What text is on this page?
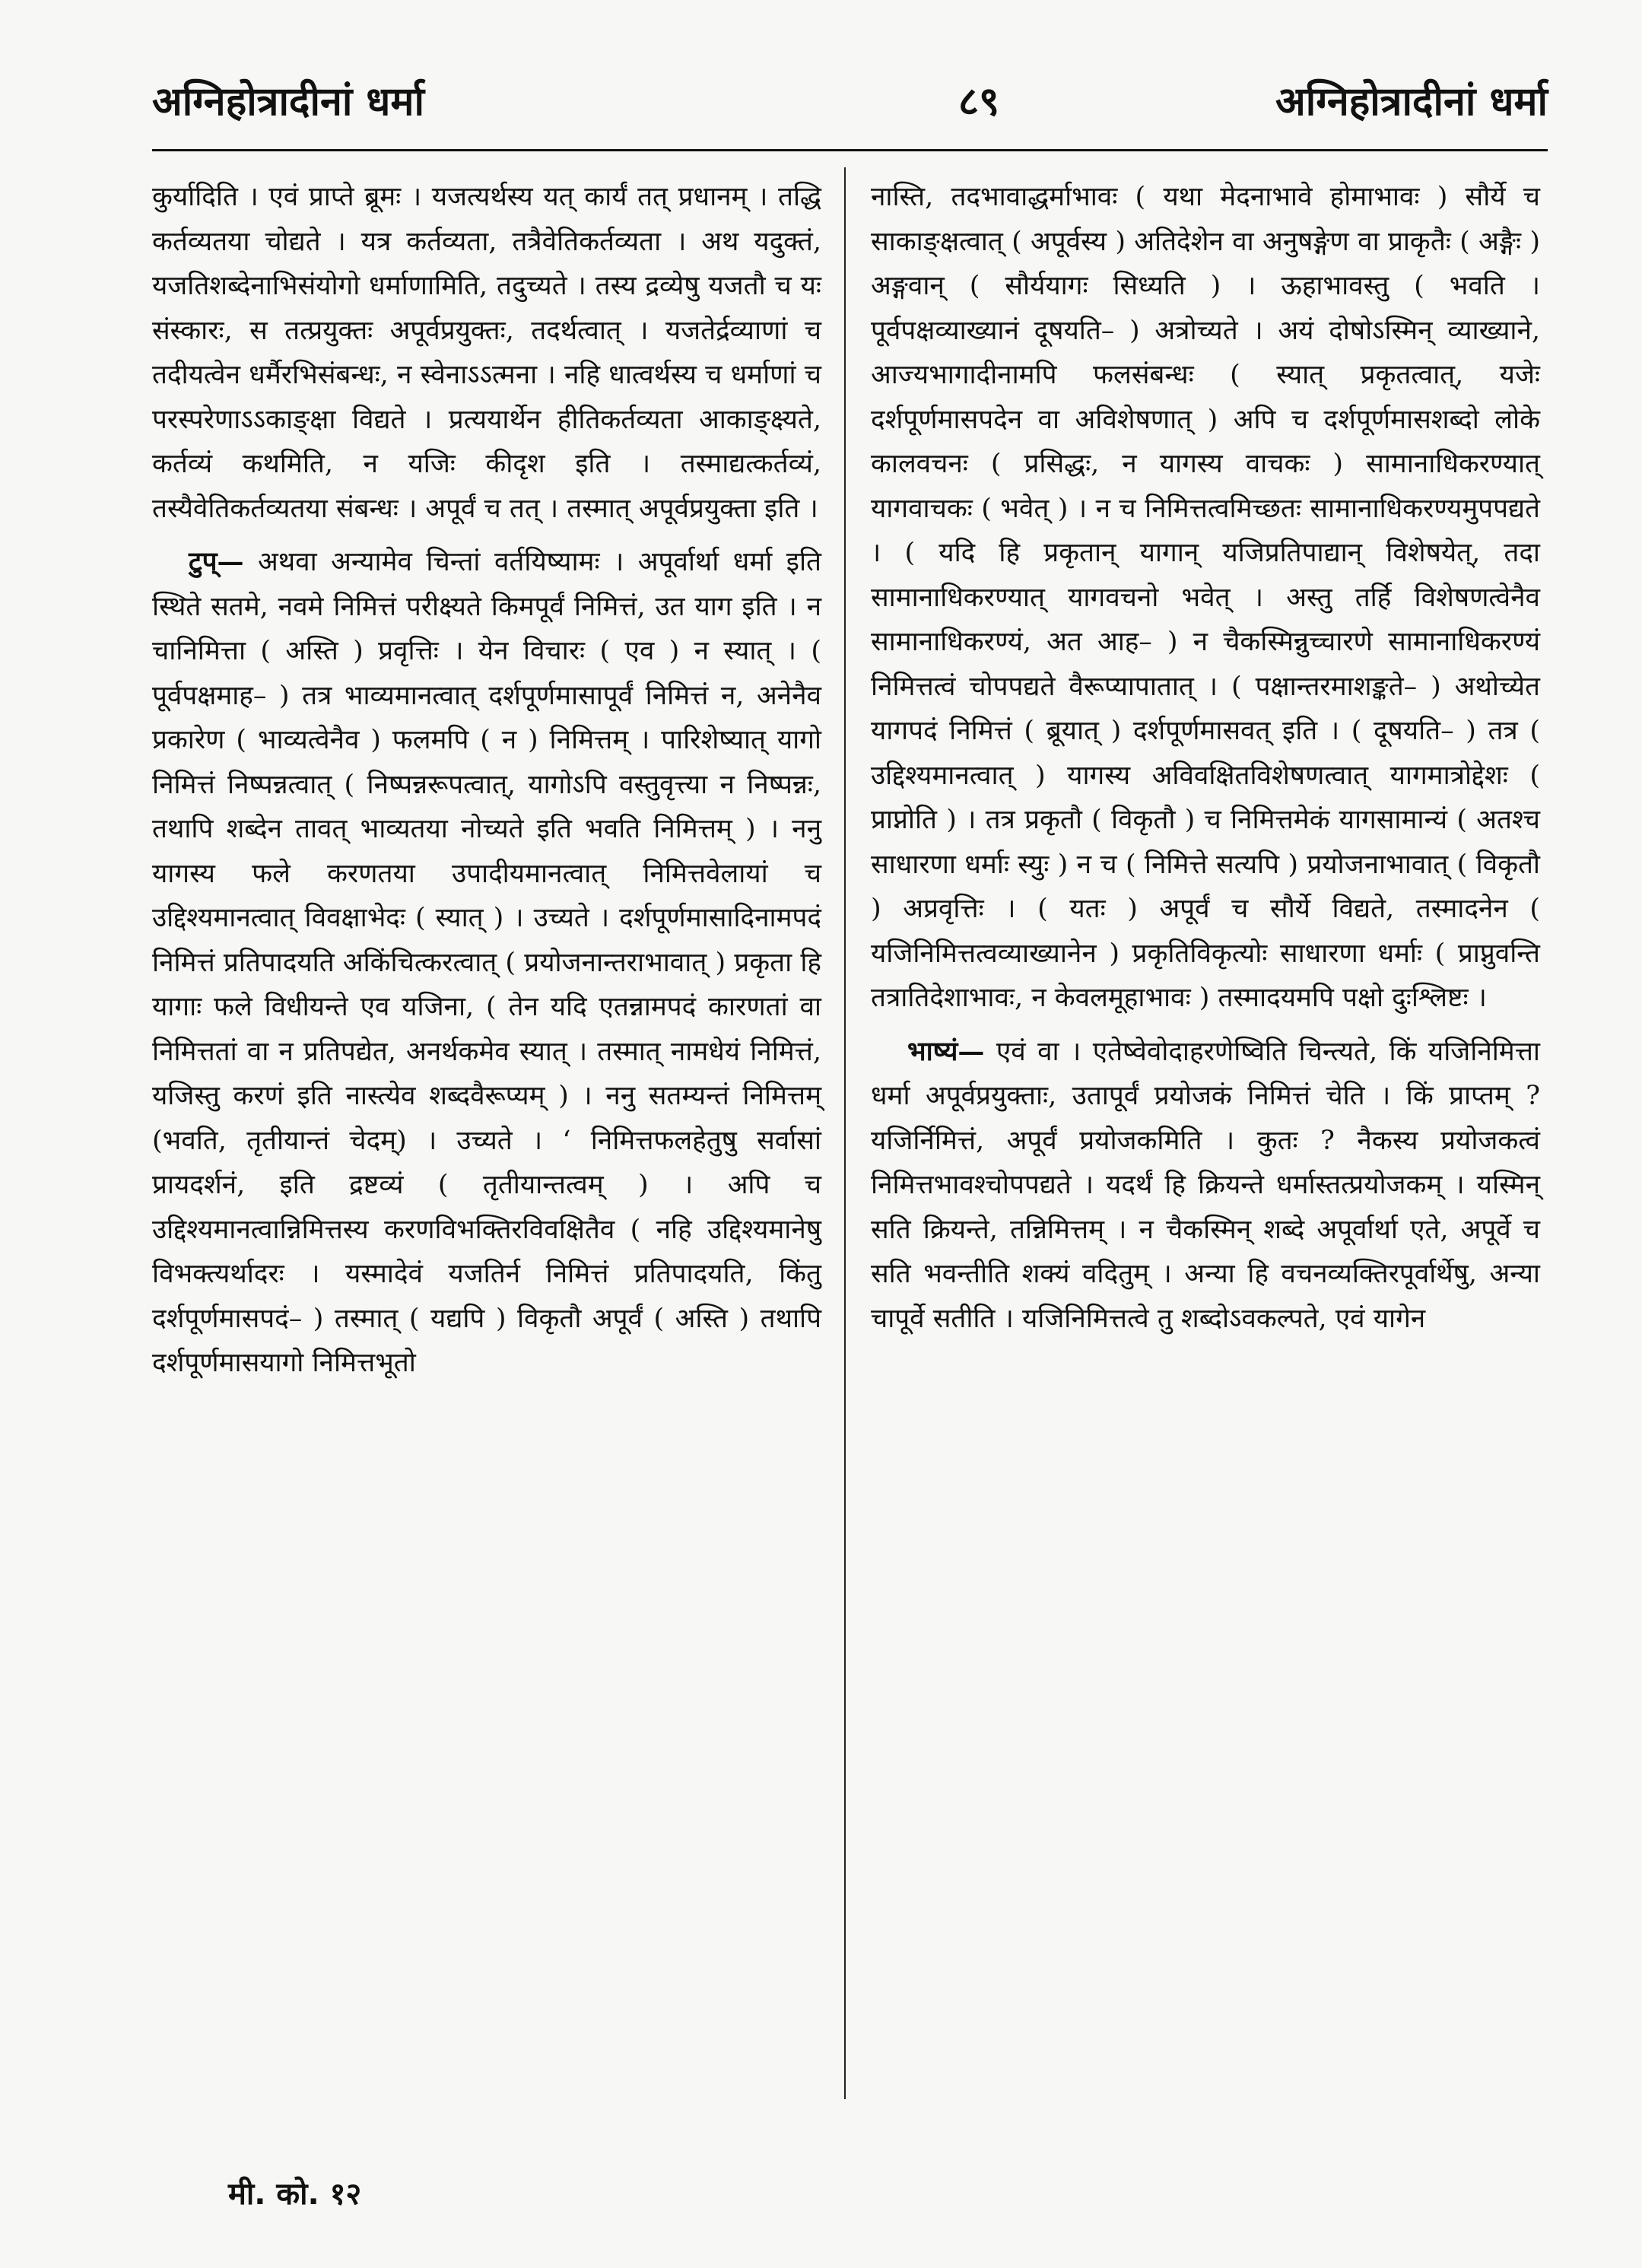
अग्निहोत्रादीनां धर्मा	८९	अग्निहोत्रादीनां धर्मा

कुर्यादिति । एवं प्राप्ते ब्रूमः । यजत्यर्थस्य यत् कार्यं तत् प्रधानम् । तद्धि कर्तव्यतया चोद्यते । यत्र कर्तव्यता, तत्रैवेतिकर्तव्यता । अथ यदुक्तं, यजतिशब्देनाभिसंयोगो धर्माणामिति, तदुच्यते । तस्य द्रव्येषु यजतौ च यः संस्कारः, स तत्प्रयुक्तः अपूर्वप्रयुक्तः, तदर्थत्वात् । यजतेर्द्रव्याणां च तदीयत्वेन धर्मैरभिसंबन्धः, न स्वेनाऽऽत्मना । नहि धात्वर्थस्य च धर्माणां च परस्परेणाऽऽकाङ्क्षा विद्यते । प्रत्ययार्थेन हीतिकर्तव्यता आकाङ्क्ष्यते, कर्तव्यं कथमिति, न यजिः कीदृश इति । तस्माद्यत्कर्तव्यं, तस्यैवेतिकर्तव्यतया संबन्धः । अपूर्वं च तत् । तस्मात् अपूर्वप्रयुक्ता इति ।

टुप्— अथवा अन्यामेव चिन्तां वर्तयिष्यामः । अपूर्वार्था धर्मा इति स्थिते सतमे, नवमे निमित्तं परीक्ष्यते किमपूर्वं निमित्तं, उत याग इति । न चानिमित्ता ( अस्ति ) प्रवृत्तिः । येन विचारः ( एव ) न स्यात् । ( पूर्वपक्षमाह– ) तत्र भाव्यमानत्वात् दर्शपूर्णमासापूर्वं निमित्तं न, अनेनैव प्रकारेण ( भाव्यत्वेनैव ) फलमपि ( न ) निमित्तम् । पारिशेष्यात् यागो निमित्तं निष्पन्नत्वात् ( निष्पन्नरूपत्वात्, यागोऽपि वस्तुवृत्त्या न निष्पन्नः, तथापि शब्देन तावत् भाव्यतया नोच्यते इति भवति निमित्तम् ) । ननु यागस्य फले करणतया उपादीयमानत्वात् निमित्तवेलायां च उद्दिश्यमानत्वात् विवक्षाभेदः ( स्यात् ) । उच्यते । दर्शपूर्णमासादिनामपदं निमित्तं प्रतिपादयति अकिंचित्करत्वात् ( प्रयोजनान्तराभावात् ) प्रकृता हि यागाः फले विधीयन्ते एव यजिना, ( तेन यदि एतन्नामपदं कारणतां वा निमित्ततां वा न प्रतिपद्येत, अनर्थकमेव स्यात् । तस्मात् नामधेयं निमित्तं, यजिस्तु करणं इति नास्त्येव शब्दवैरूप्यम् ) । ननु सतम्यन्तं निमित्तम् (भवति, तृतीयान्तं चेदम्) । उच्यते । ‘ निमित्तफलहेतुषु सर्वासां प्रायदर्शनं, इति द्रष्टव्यं ( तृतीयान्तत्वम् ) । अपि च उद्दिश्यमानत्वान्निमित्तस्य करणविभक्तिरविवक्षितैव ( नहि उद्दिश्यमानेषु विभक्त्यर्थादरः । यस्मादेवं यजतिर्न निमित्तं प्रतिपादयति, किंतु दर्शपूर्णमासपदं– ) तस्मात् ( यद्यपि ) विकृतौ अपूर्वं ( अस्ति ) तथापि दर्शपूर्णमासयागो निमित्तभूतो

नास्ति, तदभावाद्धर्माभावः ( यथा मेदनाभावे होमाभावः ) सौर्ये च साकाङ्क्षत्वात् ( अपूर्वस्य ) अतिदेशेन वा अनुषङ्गेण वा प्राकृतैः ( अङ्गैः ) अङ्गवान् ( सौर्ययागः सिध्यति ) । ऊहाभावस्तु ( भवति । पूर्वपक्षव्याख्यानं दूषयति– ) अत्रोच्यते । अयं दोषोऽस्मिन् व्याख्याने, आज्यभागादीनामपि फलसंबन्धः ( स्यात् प्रकृतत्वात्, यजेः दर्शपूर्णमासपदेन वा अविशेषणात् ) अपि च दर्शपूर्णमासशब्दो लोके कालवचनः ( प्रसिद्धः, न यागस्य वाचकः ) सामानाधिकरण्यात् यागवाचकः ( भवेत् ) । न च निमित्तत्वमिच्छतः सामानाधिकरण्यमुपपद्यते । ( यदि हि प्रकृतान् यागान् यजिप्रतिपाद्यान् विशेषयेत्, तदा सामानाधिकरण्यात् यागवचनो भवेत् । अस्तु तर्हि विशेषणत्वेनैव सामानाधिकरण्यं, अत आह– ) न चैकस्मिन्नुच्चारणे सामानाधिकरण्यं निमित्तत्वं चोपपद्यते वैरूप्यापातात् । ( पक्षान्तरमाशङ्कते– ) अथोच्येत यागपदं निमित्तं ( ब्रूयात् ) दर्शपूर्णमासवत् इति । ( दूषयति– ) तत्र ( उद्दिश्यमानत्वात् ) यागस्य अविवक्षितविशेषणत्वात् यागमात्रोद्देशः ( प्राप्नोति ) । तत्र प्रकृतौ ( विकृतौ ) च निमित्तमेकं यागसामान्यं ( अतश्च साधारणा धर्माः स्युः ) न च ( निमित्ते सत्यपि ) प्रयोजनाभावात् ( विकृतौ ) अप्रवृत्तिः । ( यतः ) अपूर्वं च सौर्ये विद्यते, तस्मादनेन ( यजिनिमित्तत्वव्याख्यानेन ) प्रकृतिविकृत्योः साधारणा धर्माः ( प्राप्नुवन्ति तत्रातिदेशाभावः, न केवलमूहाभावः ) तस्मादयमपि पक्षो दुःश्लिष्टः ।

भाष्यं— एवं वा । एतेष्वेवोदाहरणेष्विति चिन्त्यते, किं यजिनिमित्ता धर्मा अपूर्वप्रयुक्ताः, उतापूर्वं प्रयोजकं निमित्तं चेति । किं प्राप्तम् ? यजिर्निमित्तं, अपूर्वं प्रयोजकमिति । कुतः ? नैकस्य प्रयोजकत्वं निमित्तभावश्चोपपद्यते । यदर्थं हि क्रियन्ते धर्मास्तत्प्रयोजकम् । यस्मिन् सति क्रियन्ते, तन्निमित्तम् । न चैकस्मिन् शब्दे अपूर्वार्था एते, अपूर्वे च सति भवन्तीति शक्यं वदितुम् । अन्या हि वचनव्यक्तिरपूर्वार्थेषु, अन्या चापूर्वे सतीति । यजिनिमित्तत्वे तु शब्दोऽवकल्पते, एवं यागेन

मी. को. १२
